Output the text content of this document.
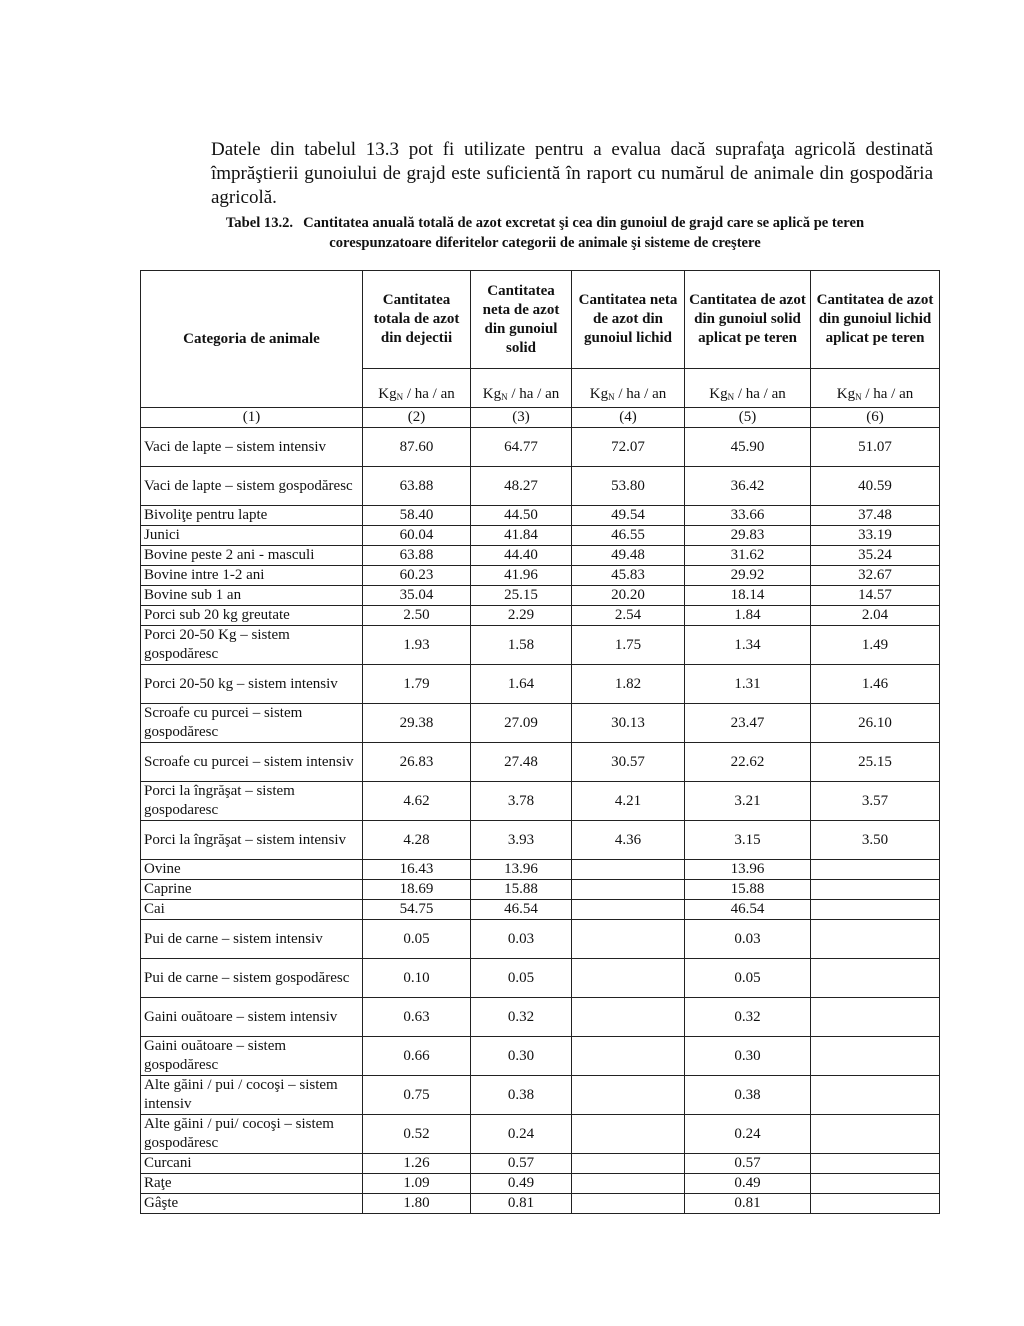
Datele din tabelul 13.3 pot fi utilizate pentru a evalua dacă suprafaţa agricolă destinată împrăştierii gunoiului de grajd este suficientă în raport cu numărul de animale din gospodăria agricolă.

Tabel 13.2. Cantitatea anuală totală de azot excretat şi cea din gunoiul de grajd care se aplică pe teren
corespunzatoare diferitelor categorii de animale şi sisteme de creştere
Categoria de animale	Cantitatea totala de azot din dejectii	Cantitatea neta de azot din gunoiul solid	Cantitatea neta de azot din gunoiul lichid	Cantitatea de azot din gunoiul solid aplicat pe teren	Cantitatea de azot din gunoiul lichid aplicat pe teren
	$Kg_N$ / ha / an	$Kg_N$ / ha / an	$Kg_N$ / ha / an	$Kg_N$ / ha / an	$Kg_N$ / ha / an
(1)	(2)	(3)	(4)	(5)	(6)
Vaci de lapte – sistem intensiv	87.60	64.77	72.07	45.90	51.07
Vaci de lapte – sistem gospodăresc	63.88	48.27	53.80	36.42	40.59
Bivoliţe pentru lapte	58.40	44.50	49.54	33.66	37.48
Junici	60.04	41.84	46.55	29.83	33.19
Bovine peste 2 ani - masculi	63.88	44.40	49.48	31.62	35.24
Bovine intre 1-2 ani	60.23	41.96	45.83	29.92	32.67
Bovine sub 1 an	35.04	25.15	20.20	18.14	14.57
Porci sub 20 kg greutate	2.50	2.29	2.54	1.84	2.04
Porci 20-50 Kg – sistem gospodăresc	1.93	1.58	1.75	1.34	1.49
Porci 20-50 kg – sistem intensiv	1.79	1.64	1.82	1.31	1.46
Scroafe cu purcei – sistem gospodăresc	29.38	27.09	30.13	23.47	26.10
Scroafe cu purcei – sistem intensiv	26.83	27.48	30.57	22.62	25.15
Porci la îngrăşat – sistem gospodaresc	4.62	3.78	4.21	3.21	3.57
Porci la îngrăşat – sistem intensiv	4.28	3.93	4.36	3.15	3.50
Ovine	16.43	13.96		13.96	
Caprine	18.69	15.88		15.88	
Cai	54.75	46.54		46.54	
Pui de carne – sistem intensiv	0.05	0.03		0.03	
Pui de carne – sistem gospodăresc	0.10	0.05		0.05	
Gaini ouătoare – sistem intensiv	0.63	0.32		0.32	
Gaini ouătoare – sistem gospodăresc	0.66	0.30		0.30	
Alte găini / pui / cocoşi – sistem intensiv	0.75	0.38		0.38	
Alte găini / pui/ cocoşi – sistem gospodăresc	0.52	0.24		0.24	
Curcani	1.26	0.57		0.57	
Raţe	1.09	0.49		0.49	
Gâşte	1.80	0.81		0.81	
